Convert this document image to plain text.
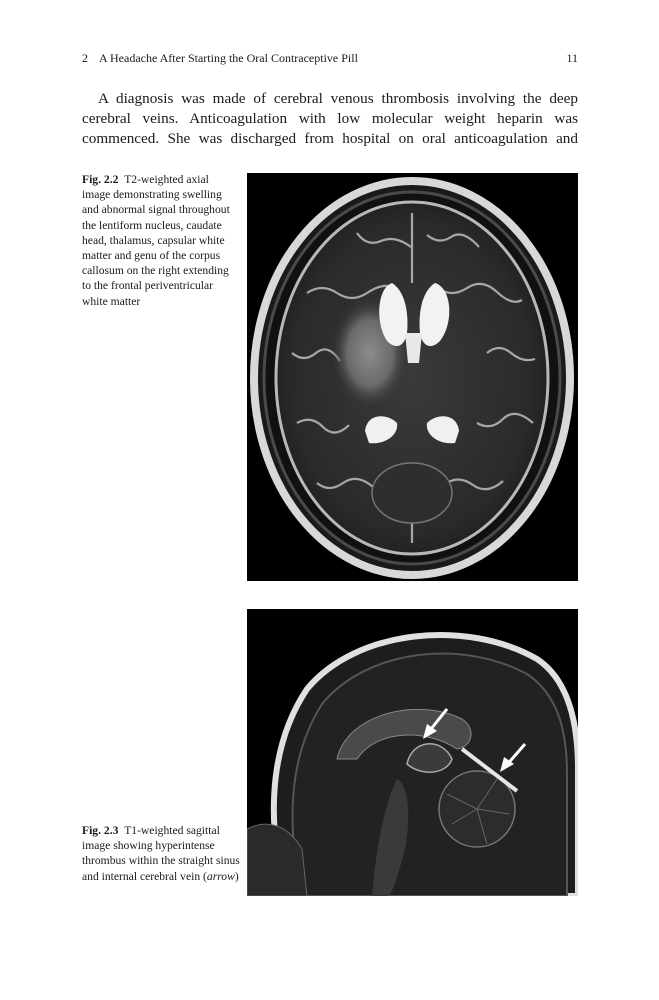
2 A Headache After Starting the Oral Contraceptive Pill	11

A diagnosis was made of cerebral venous thrombosis involving the deep cerebral veins. Anticoagulation with low molecular weight heparin was commenced. She was discharged from hospital on oral anticoagulation and

Fig. 2.2 T2-weighted axial image demonstrating swelling and abnormal signal throughout the lentiform nucleus, caudate head, thalamus, capsular white matter and genu of the corpus callosum on the right extending to the frontal periventricular white matter

Fig. 2.3 T1-weighted sagittal image showing hyperintense thrombus within the straight sinus and internal cerebral vein (arrow)
